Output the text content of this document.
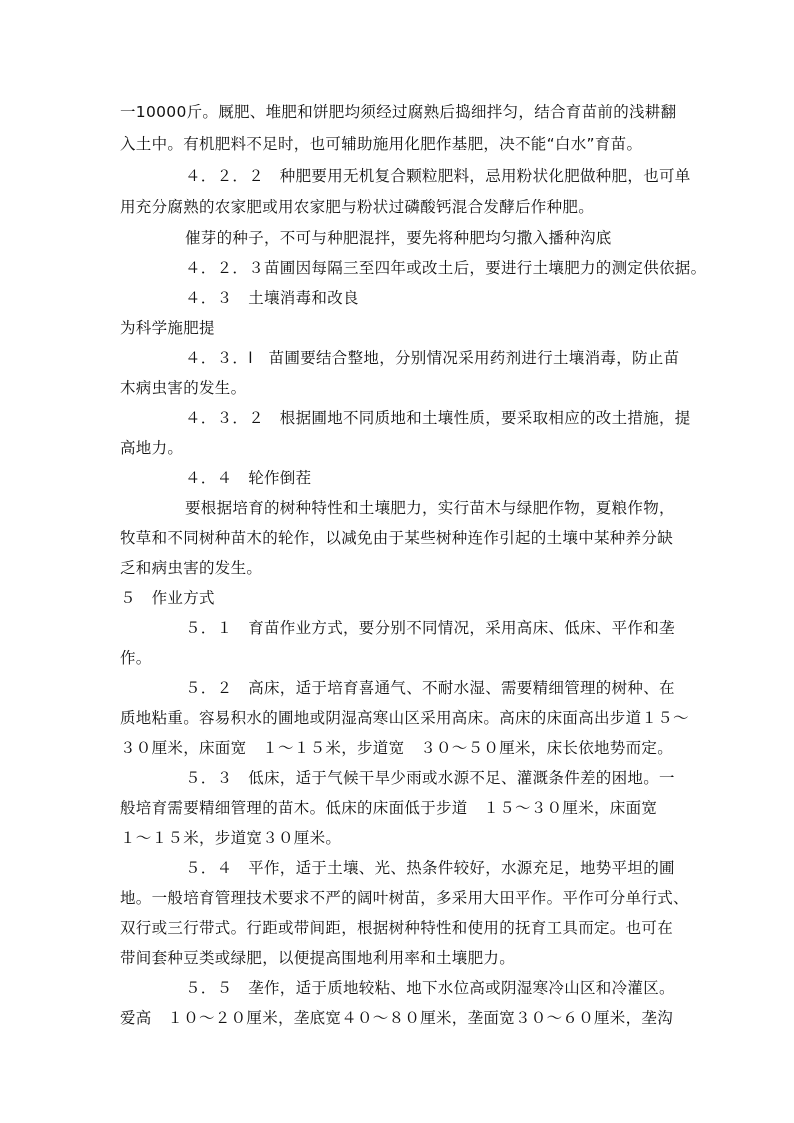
一10000斤。厩肥、堆肥和饼肥均须经过腐熟后捣细拌匀，结合育苗前的浅耕翻
入土中。有机肥料不足时，也可辅助施用化肥作基肥，决不能“白水”育苗。
４．２．２　种肥要用无机复合颗粒肥料，忌用粉状化肥做种肥，也可单
用充分腐熟的农家肥或用农家肥与粉状过磷酸钙混合发酵后作种肥。
催芽的种子，不可与种肥混拌，要先将种肥均匀撒入播种沟底
４．２．３苗圃因每隔三至四年或改土后，要进行土壤肥力的测定供依据。
４．３　土壤消毒和改良
为科学施肥提
４．３．l　苗圃要结合整地，分别情况采用药剂进行土壤消毒，防止苗
木病虫害的发生。
４．３．２　根据圃地不同质地和土壤性质，要采取相应的改土措施，提
高地力。
４．４　轮作倒茬
要根据培育的树种特性和土壤肥力，实行苗木与绿肥作物，夏粮作物，
牧草和不同树种苗木的轮作，以减免由于某些树种连作引起的土壤中某种养分缺
乏和病虫害的发生。
５　作业方式
５．１　育苗作业方式，要分别不同情况，采用高床、低床、平作和垄
作。
５．２　高床，适于培育喜通气、不耐水湿、需要精细管理的树种、在
质地粘重。容易积水的圃地或阴湿高寒山区采用高床。高床的床面高出步道１５～
３０厘米，床面宽　１～１５米，步道宽　３０～５０厘米，床长依地势而定。
５．３　低床，适于气候干旱少雨或水源不足、灌溉条件差的困地。一
般培育需要精细管理的苗木。低床的床面低于步道　１５～３０厘米，床面宽
１～１５米，步道宽３０厘米。
５．４　平作，适于土壤、光、热条件较好，水源充足，地势平坦的圃
地。一般培育管理技术要求不严的阔叶树苗，多采用大田平作。平作可分单行式、
双行或三行带式。行距或带间距，根据树种特性和使用的抚育工具而定。也可在
带间套种豆类或绿肥，以便提高围地利用率和土壤肥力。
５．５　垄作，适于质地较粘、地下水位高或阴湿寒冷山区和冷灌区。
爱高　１０～２０厘米，垄底宽４０～８０厘米，垄面宽３０～６０厘米，垄沟
